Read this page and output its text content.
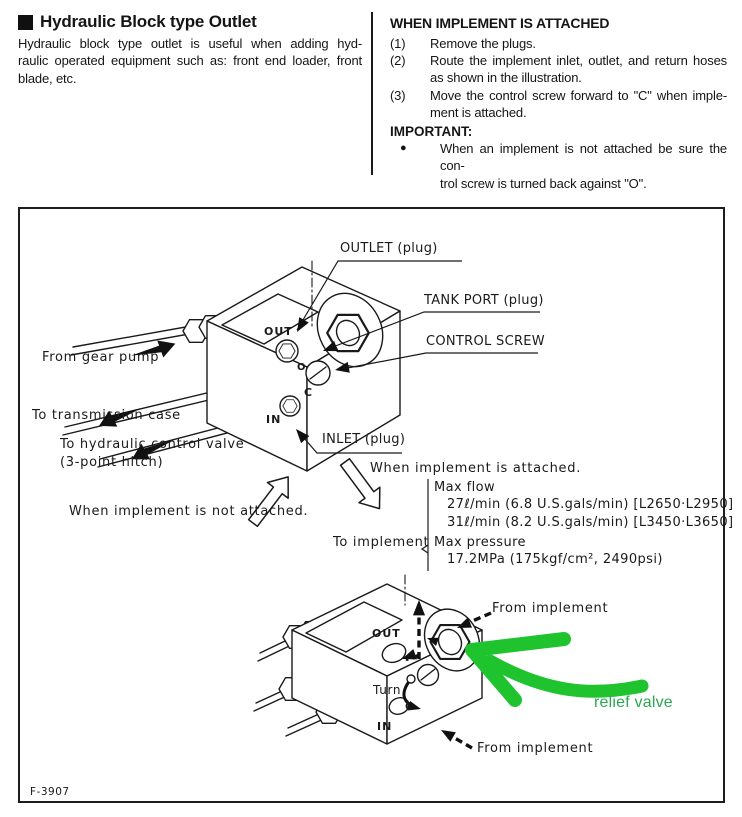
Hydraulic Block type Outlet
Hydraulic block type outlet is useful when adding hyd-
raulic operated equipment such as: front end loader, front
blade, etc.
WHEN IMPLEMENT IS ATTACHED
(1)	Remove the plugs.
(2)	Route the implement inlet, outlet, and return hoses
as shown in the illustration.
(3)	Move the control screw forward to "C" when imple-
ment is attached.
IMPORTANT:
●	When an implement is not attached be sure the con-
trol screw is turned back against "O".
OUTLET (plug)
TANK PORT (plug)
CONTROL SCREW
INLET (plug)
From gear pump
To transmission case
To hydraulic control valve
(3-point hitch)
When implement is not attached.
When implement is attached.
To implement
Max flow
27ℓ/min (6.8 U.S.gals/min) [L2650·L2950]
31ℓ/min (8.2 U.S.gals/min) [L3450·L3650]
Max pressure
17.2MPa (175kgf/cm², 2490psi)
From implement
From implement
OUT
O
C
IN
OUT
Turn
C
IN
relief valve
F-3907
